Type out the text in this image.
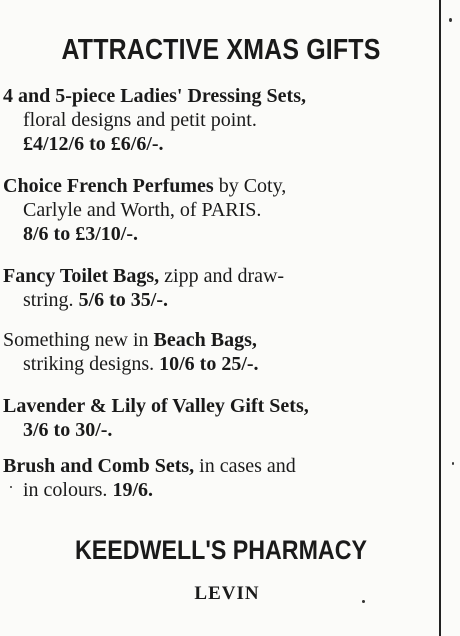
ATTRACTIVE XMAS GIFTS
4 and 5-piece Ladies' Dressing Sets,
floral designs and petit point.
£4/12/6 to £6/6/-.
Choice French Perfumes by Coty,
Carlyle and Worth, of PARIS.
8/6 to £3/10/-.
Fancy Toilet Bags, zipp and draw-
string. 5/6 to 35/-.
Something new in Beach Bags,
striking designs. 10/6 to 25/-.
Lavender & Lily of Valley Gift Sets,
3/6 to 30/-.
Brush and Comb Sets, in cases and
in colours. 19/6.
KEEDWELL'S PHARMACY
LEVIN
